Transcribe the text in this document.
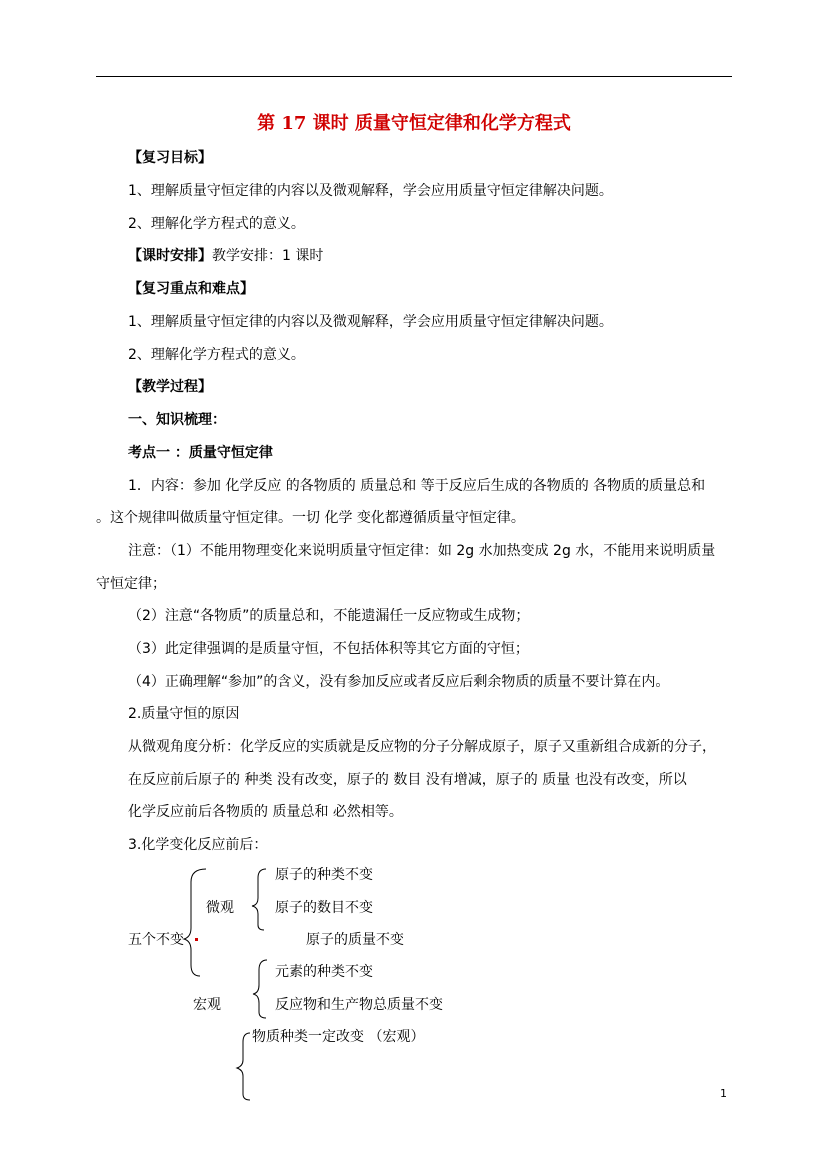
第 17 课时 质量守恒定律和化学方程式
【复习目标】
1、理解质量守恒定律的内容以及微观解释，学会应用质量守恒定律解决问题。
2、理解化学方程式的意义。
【课时安排】教学安排：1 课时
【复习重点和难点】
1、理解质量守恒定律的内容以及微观解释，学会应用质量守恒定律解决问题。
2、理解化学方程式的意义。
【教学过程】
一、知识梳理：
考点一 ：质量守恒定律
1．内容：参加 化学反应 的各物质的 质量总和 等于反应后生成的各物质的 各物质的质量总和
。这个规律叫做质量守恒定律。一切 化学 变化都遵循质量守恒定律。
注意：（1）不能用物理变化来说明质量守恒定律：如 2g 水加热变成 2g 水，不能用来说明质量
守恒定律；
（2）注意“各物质”的质量总和，不能遗漏任一反应物或生成物；
（3）此定律强调的是质量守恒，不包括体积等其它方面的守恒；
（4）正确理解“参加”的含义，没有参加反应或者反应后剩余物质的质量不要计算在内。
2.质量守恒的原因
从微观角度分析：化学反应的实质就是反应物的分子分解成原子，原子又重新组合成新的分子，
在反应前后原子的 种类 没有改变，原子的 数目 没有增减，原子的 质量 也没有改变，所以
化学反应前后各物质的 质量总和 必然相等。
3.化学变化反应前后：
五个不变
微观
宏观
原子的种类不变
原子的数目不变
原子的质量不变
元素的种类不变
反应物和生产物总质量不变
物质种类一定改变 （宏观）
1
